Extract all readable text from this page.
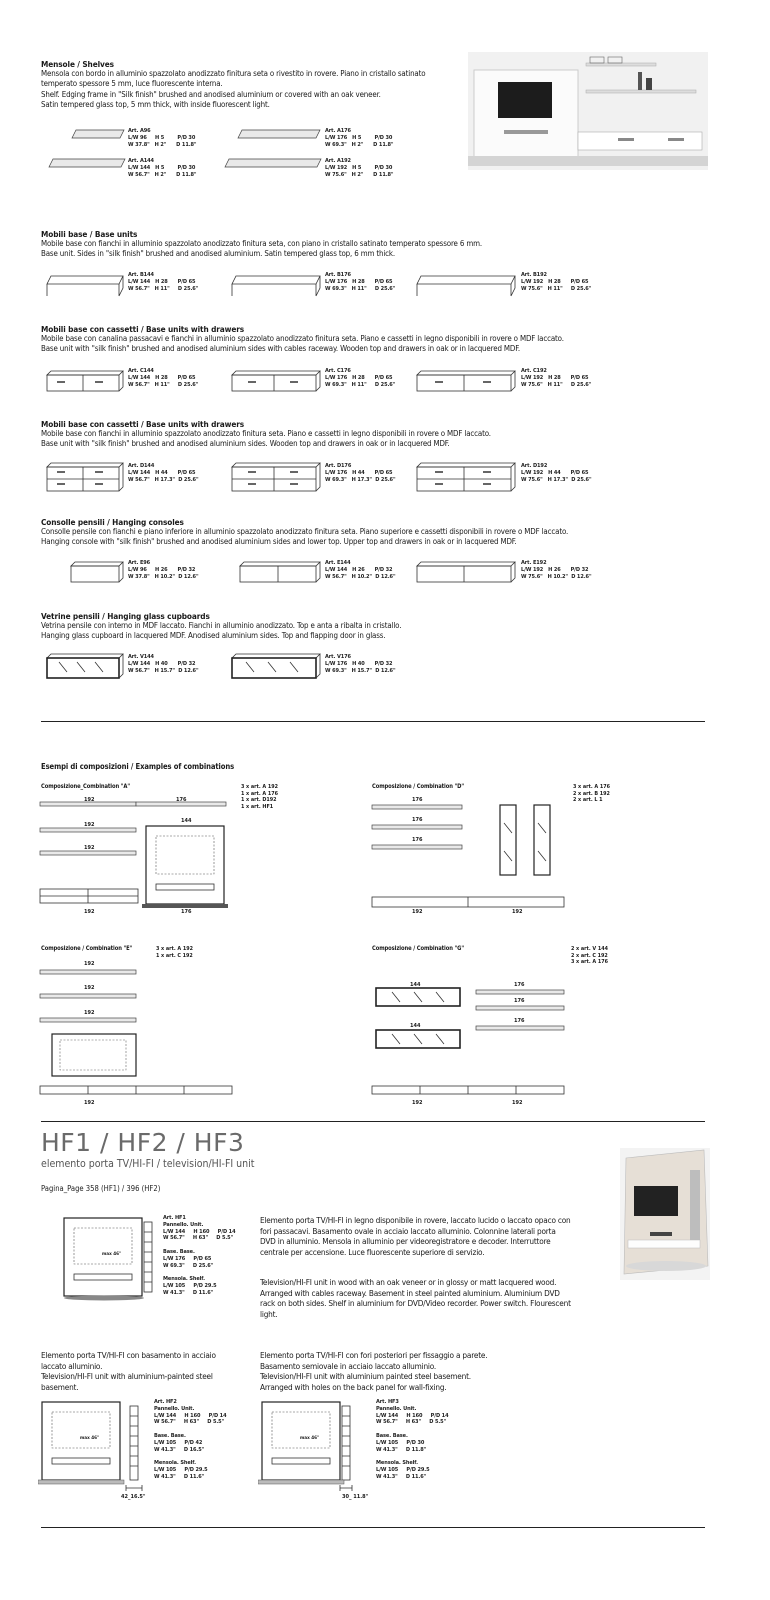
Mensole / Shelves
Mensola con bordo in alluminio spazzolato anodizzato finitura seta o rivestito in rovere. Piano in cristallo satinato temperato spessore 5 mm, luce fluorescente interna.
Shelf. Edging frame in "Silk finish" brushed and anodised aluminium or covered with an oak veneer.
Satin tempered glass top, 5 mm thick, with inside fluorescent light.
Art. A96
L/W 96     H 5        P/D 30
W 37.8"   H 2"      D 11.8"
Art. A176
L/W 176   H 5        P/D 30
W 69.3"   H 2"      D 11.8"
Art. A144
L/W 144   H 5        P/D 30
W 56.7"   H 2"      D 11.8"
Art. A192
L/W 192   H 5        P/D 30
W 75.6"   H 2"      D 11.8"
Mobili base / Base units
Mobile base con fianchi in alluminio spazzolato anodizzato finitura seta, con piano in cristallo satinato temperato spessore 6 mm.
Base unit. Sides in "silk finish" brushed and anodised aluminium. Satin tempered glass top, 6 mm thick.
Art. B144
L/W 144   H 28      P/D 65
W 56.7"   H 11"     D 25.6"
Art. B176
L/W 176   H 28      P/D 65
W 69.3"   H 11"     D 25.6"
Art. B192
L/W 192   H 28      P/D 65
W 75.6"   H 11"     D 25.6"
Mobili base con cassetti / Base units with drawers
Mobile base con canalina passacavi e fianchi in alluminio spazzolato anodizzato finitura seta. Piano e cassetti in legno disponibili in rovere o MDF laccato.
Base unit with "silk finish" brushed and anodised aluminium sides with cables raceway. Wooden top and drawers in oak or in lacquered MDF.
Art. C144
L/W 144   H 28      P/D 65
W 56.7"   H 11"     D 25.6"
Art. C176
L/W 176   H 28      P/D 65
W 69.3"   H 11"     D 25.6"
Art. C192
L/W 192   H 28      P/D 65
W 75.6"   H 11"     D 25.6"
Mobili base con cassetti / Base units with drawers
Mobile base con fianchi in alluminio spazzolato anodizzato finitura seta. Piano e cassetti in legno disponibili in rovere o MDF laccato.
Base unit with "silk finish" brushed and anodised aluminium sides. Wooden top and drawers in oak or in lacquered MDF.
Art. D144
L/W 144   H 44      P/D 65
W 56.7"   H 17.3"  D 25.6"
Art. D176
L/W 176   H 44      P/D 65
W 69.3"   H 17.3"  D 25.6"
Art. D192
L/W 192   H 44      P/D 65
W 75.6"   H 17.3"  D 25.6"
Consolle pensili / Hanging consoles
Consolle pensile con fianchi e piano inferiore in alluminio spazzolato anodizzato finitura seta. Piano superiore e cassetti disponibili in rovere o MDF laccato.
Hanging console with "silk finish" brushed and anodised aluminium sides and lower top. Upper top and drawers in oak or in lacquered MDF.
Art. E96
L/W 96     H 26      P/D 32
W 37.8"   H 10.2"  D 12.6"
Art. E144
L/W 144   H 26      P/D 32
W 56.7"   H 10.2"  D 12.6"
Art. E192
L/W 192   H 26      P/D 32
W 75.6"   H 10.2"  D 12.6"
Vetrine pensili / Hanging glass cupboards
Vetrina pensile con interno in MDF laccato. Fianchi in alluminio anodizzato. Top e anta a ribalta in cristallo.
Hanging glass cupboard in lacquered MDF. Anodised aluminium sides. Top and flapping door in glass.
Art. V144
L/W 144   H 40      P/D 32
W 56.7"   H 15.7"  D 12.6"
Art. V176
L/W 176   H 40      P/D 32
W 69.3"   H 15.7"  D 12.6"
Esempi di composizioni / Examples of combinations
Composizione_Combination "A"	3 x art. A 192
1 x art. A 176
1 x art. D192
1 x art. HF1
192	176
192
192
144
192	176
Composizione / Combination "D"	3 x art. A 176
2 x art. B 192
2 x art. L 1
176
176
176
192	192
Composizione / Combination "E"	3 x art. A 192
1 x art. C 192
192
192
192
192
Composizione / Combination "G"	2 x art. V 144
2 x art. C 192
3 x art. A 176
144	176
176
144
176
192	192
HF1 / HF2 / HF3
elemento porta TV/HI-FI / television/HI-FI unit
Pagina_Page 358 (HF1) / 396 (HF2)
max 46"
Art. HF1
Pannello. Unit.
L/W 144     H 160     P/D 14
W 56.7"     H 63"     D 5.5"

Base. Base.
L/W 176     P/D 65
W 69.3"     D 25.6"

Mensola. Shelf.
L/W 105     P/D 29.5
W 41.3"     D 11.6"
Elemento porta TV/HI-FI in legno disponibile in rovere, laccato lucido o laccato opaco con fori passacavi. Basamento ovale in acciaio laccato alluminio. Colonnine laterali porta DVD in alluminio. Mensola in alluminio per videoregistratore e decoder. Interruttore centrale per accensione. Luce fluorescente superiore di servizio.
Television/HI-FI unit in wood with an oak veneer or in glossy or matt lacquered wood. Arranged with cables raceway. Basement in steel painted aluminium. Aluminium DVD rack on both sides. Shelf in aluminium for DVD/Video recorder. Power switch. Flourescent light.
Elemento porta TV/HI-FI con basamento in acciaio laccato alluminio.
Television/HI-FI unit with aluminium-painted steel basement.
max 46"
42_16.5"
Art. HF2
Pannello. Unit.
L/W 144     H 160     P/D 14
W 56.7"     H 63"     D 5.5"

Base. Base.
L/W 105     P/D 42
W 41.3"     D 16.5"

Mensola. Shelf.
L/W 105     P/D 29.5
W 41.3"     D 11.6"
Elemento porta TV/HI-FI con fori posteriori per fissaggio a parete. Basamento semiovale in acciaio laccato alluminio.
Television/HI-FI unit with aluminium painted steel basement.
Arranged with holes on the back panel for wall-fixing.
max 46"
30_ 11.8"
Art. HF3
Pannello. Unit.
L/W 144     H 160     P/D 14
W 56.7"     H 63"     D 5.5"

Base. Base.
L/W 105     P/D 30
W 41.3"     D 11.8"

Mensola. Shelf.
L/W 105     P/D 29.5
W 41.3"     D 11.6"
